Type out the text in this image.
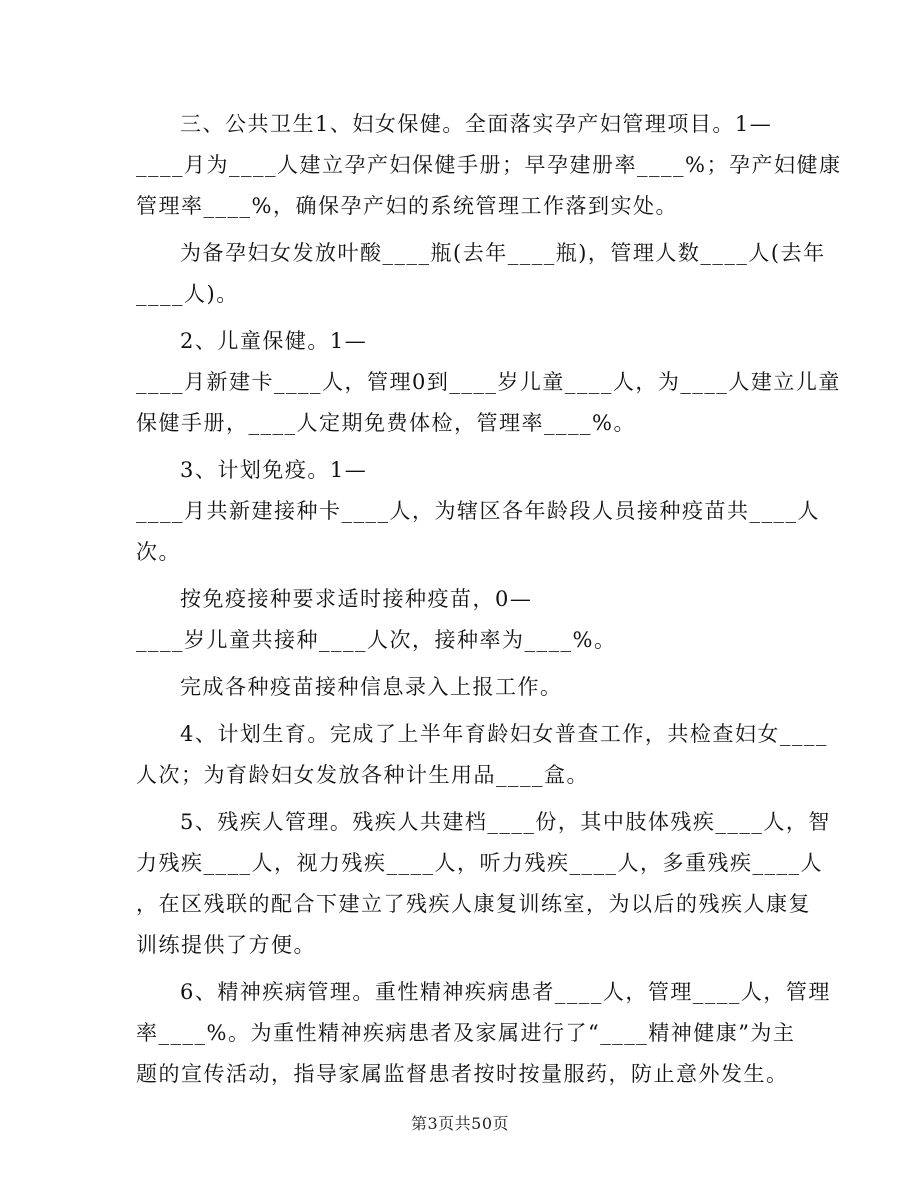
三、公共卫生1、妇女保健。全面落实孕产妇管理项目。1—
____月为____人建立孕产妇保健手册；早孕建册率____%；孕产妇健康
管理率____%，确保孕产妇的系统管理工作落到实处。
为备孕妇女发放叶酸____瓶(去年____瓶)，管理人数____人(去年
____人)。
2、儿童保健。1—
____月新建卡____人，管理0到____岁儿童____人，为____人建立儿童
保健手册，____人定期免费体检，管理率____%。
3、计划免疫。1—
____月共新建接种卡____人，为辖区各年龄段人员接种疫苗共____人
次。
按免疫接种要求适时接种疫苗，0—
____岁儿童共接种____人次，接种率为____%。
完成各种疫苗接种信息录入上报工作。
4、计划生育。完成了上半年育龄妇女普查工作，共检查妇女____
人次；为育龄妇女发放各种计生用品____盒。
5、残疾人管理。残疾人共建档____份，其中肢体残疾____人，智
力残疾____人，视力残疾____人，听力残疾____人，多重残疾____人
，在区残联的配合下建立了残疾人康复训练室，为以后的残疾人康复
训练提供了方便。
6、精神疾病管理。重性精神疾病患者____人，管理____人，管理
率____%。为重性精神疾病患者及家属进行了“____精神健康”为主
题的宣传活动，指导家属监督患者按时按量服药，防止意外发生。
第3页共50页
